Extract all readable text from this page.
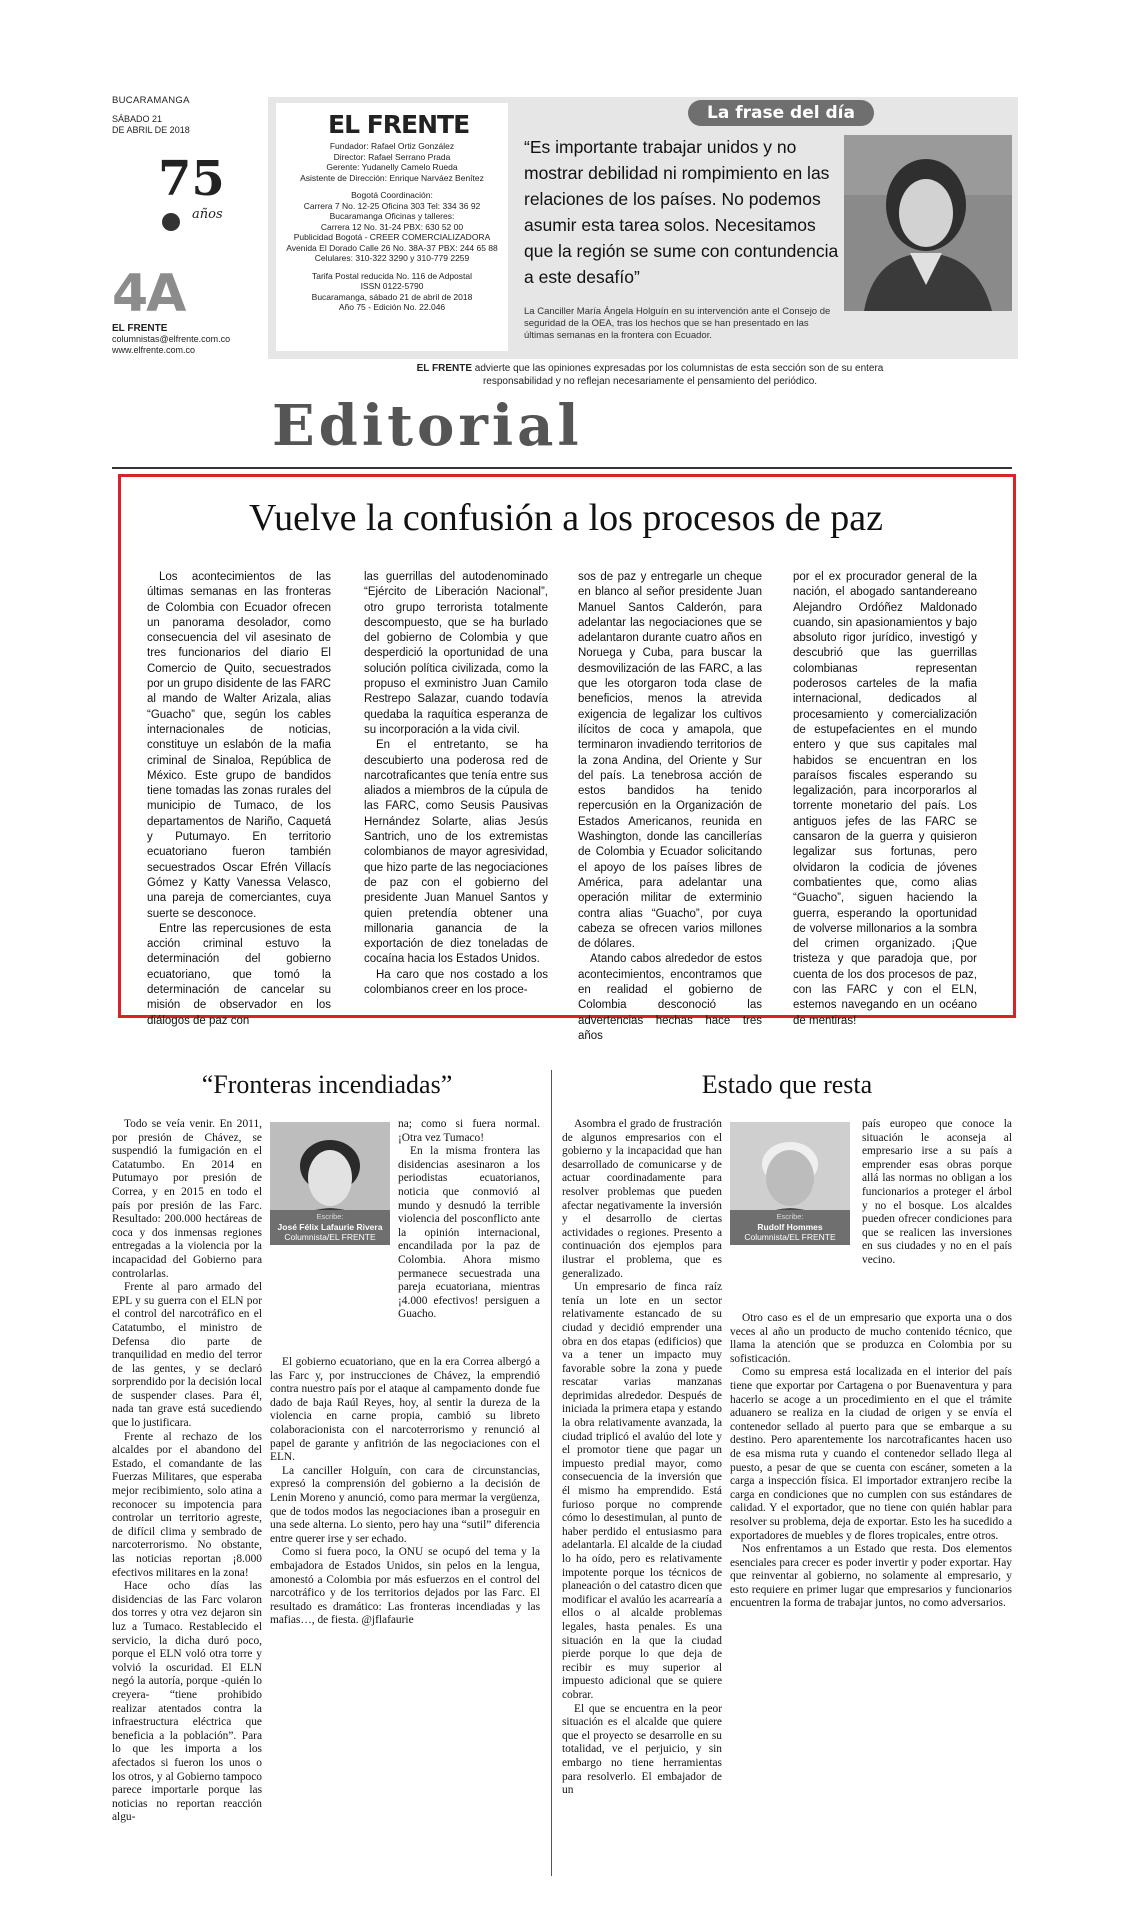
BUCARAMANGA
SÁBADO 21
DE ABRIL DE 2018
75
años
4A
EL FRENTE
columnistas@elfrente.com.co
www.elfrente.com.co
EL FRENTE
Fundador: Rafael Ortiz González
Director: Rafael Serrano Prada
Gerente: Yudanelly Camelo Rueda
Asistente de Dirección: Enrique Narváez Benítez
Bogotá Coordinación:
Carrera 7 No. 12-25 Oficina 303 Tel: 334 36 92
Bucaramanga Oficinas y talleres:
Carrera 12 No. 31-24 PBX: 630 52 00
Publicidad Bogotá - CREER COMERCIALIZADORA
Avenida El Dorado Calle 26 No. 38A-37 PBX: 244 65 88
Celulares: 310-322 3290 y 310-779 2259
Tarifa Postal reducida No. 116 de Adpostal
ISSN 0122-5790
Bucaramanga, sábado 21 de abril de 2018
Año 75 - Edición No. 22.046
La frase del día
“Es importante trabajar unidos y no mostrar debilidad ni rompimiento en las relaciones de los países. No podemos asumir esta tarea solos. Necesitamos que la región se sume con contundencia a este desafío”
La Canciller María Ángela Holguín en su intervención ante el Consejo de seguridad de la OEA, tras los hechos que se han presentado en las últimas semanas en la frontera con Ecuador.
EL FRENTE advierte que las opiniones expresadas por los columnistas de esta sección son de su entera responsabilidad y no reflejan necesariamente el pensamiento del periódico.
Editorial
Vuelve la confusión a los procesos de paz

Los acontecimientos de las últimas semanas en las fronteras de Colombia con Ecuador ofrecen un panorama desolador, como consecuencia del vil asesinato de tres funcionarios del diario El Comercio de Quito, secuestrados por un grupo disidente de las FARC al mando de Walter Arizala, alias “Guacho” que, según los cables internacionales de noticias, constituye un eslabón de la mafia criminal de Sinaloa, República de México. Este grupo de bandidos tiene tomadas las zonas rurales del municipio de Tumaco, de los departamentos de Nariño, Caquetá y Putumayo. En territorio ecuatoriano fueron también secuestrados Oscar Efrén Villacís Gómez y Katty Vanessa Velasco, una pareja de comerciantes, cuya suerte se desconoce.

Entre las repercusiones de esta acción criminal estuvo la determinación del gobierno ecuatoriano, que tomó la determinación de cancelar su misión de observador en los diálogos de paz con

las guerrillas del autodenominado “Ejército de Liberación Nacional”, otro grupo terrorista totalmente descompuesto, que se ha burlado del gobierno de Colombia y que desperdició la oportunidad de una solución política civilizada, como la propuso el exministro Juan Camilo Restrepo Salazar, cuando todavía quedaba la raquítica esperanza de su incorporación a la vida civil.

En el entretanto, se ha descubierto una poderosa red de narcotraficantes que tenía entre sus aliados a miembros de la cúpula de las FARC, como Seusis Pausivas Hernández Solarte, alias Jesús Santrich, uno de los extremistas colombianos de mayor agresividad, que hizo parte de las negociaciones de paz con el gobierno del presidente Juan Manuel Santos y quien pretendía obtener una millonaria ganancia de la exportación de diez toneladas de cocaína hacia los Estados Unidos.

Ha caro que nos costado a los colombianos creer en los proce-

sos de paz y entregarle un cheque en blanco al señor presidente Juan Manuel Santos Calderón, para adelantar las negociaciones que se adelantaron durante cuatro años en Noruega y Cuba, para buscar la desmovilización de las FARC, a las que les otorgaron toda clase de beneficios, menos la atrevida exigencia de legalizar los cultivos ilícitos de coca y amapola, que terminaron invadiendo territorios de la zona Andina, del Oriente y Sur del país. La tenebrosa acción de estos bandidos ha tenido repercusión en la Organización de Estados Americanos, reunida en Washington, donde las cancillerías de Colombia y Ecuador solicitando el apoyo de los países libres de América, para adelantar una operación militar de exterminio contra alias “Guacho”, por cuya cabeza se ofrecen varios millones de dólares.

Atando cabos alrededor de estos acontecimientos, encontramos que en realidad el gobierno de Colombia desconoció las advertencias hechas hace tres años

por el ex procurador general de la nación, el abogado santandereano Alejandro Ordóñez Maldonado cuando, sin apasionamientos y bajo absoluto rigor jurídico, investigó y descubrió que las guerrillas colombianas representan poderosos carteles de la mafia internacional, dedicados al procesamiento y comercialización de estupefacientes en el mundo entero y que sus capitales mal habidos se encuentran en los paraísos fiscales esperando su legalización, para incorporarlos al torrente monetario del país. Los antiguos jefes de las FARC se cansaron de la guerra y quisieron legalizar sus fortunas, pero olvidaron la codicia de jóvenes combatientes que, como alias “Guacho”, siguen haciendo la guerra, esperando la oportunidad de volverse millonarios a la sombra del crimen organizado. ¡Que tristeza y que paradoja que, por cuenta de los dos procesos de paz, con las FARC y con el ELN, estemos navegando en un océano de mentiras!

“Fronteras incendiadas”

Todo se veía venir. En 2011, por presión de Chávez, se suspendió la fumigación en el Catatumbo. En 2014 en Putumayo por presión de Correa, y en 2015 en todo el país por presión de las Farc. Resultado: 200.000 hectáreas de coca y dos inmensas regiones entregadas a la violencia por la incapacidad del Gobierno para controlarlas.

Frente al paro armado del EPL y su guerra con el ELN por el control del narcotráfico en el Catatumbo, el ministro de Defensa dio parte de tranquilidad en medio del terror de las gentes, y se declaró sorprendido por la decisión local de suspender clases. Para él, nada tan grave está sucediendo que lo justificara.

Frente al rechazo de los alcaldes por el abandono del Estado, el comandante de las Fuerzas Militares, que esperaba mejor recibimiento, solo atina a reconocer su impotencia para controlar un territorio agreste, de difícil clima y sembrado de narcoterrorismo. No obstante, las noticias reportan ¡8.000 efectivos militares en la zona!

Hace ocho días las disidencias de las Farc volaron dos torres y otra vez dejaron sin luz a Tumaco. Restablecido el servicio, la dicha duró poco, porque el ELN voló otra torre y volvió la oscuridad. El ELN negó la autoría, porque -quién lo creyera- “tiene prohibido realizar atentados contra la infraestructura eléctrica que beneficia a la población”. Para lo que les importa a los afectados si fueron los unos o los otros, y al Gobierno tampoco parece importarle porque las noticias no reportan reacción algu-

Escribe:
José Félix Lafaurie Rivera
Columnista/EL FRENTE

na; como si fuera normal. ¡Otra vez Tumaco!

En la misma frontera las disidencias asesinaron a los periodistas ecuatorianos, noticia que conmovió al mundo y desnudó la terrible violencia del posconflicto ante la opinión internacional, encandilada por la paz de Colombia. Ahora mismo permanece secuestrada una pareja ecuatoriana, mientras ¡4.000 efectivos! persiguen a Guacho.

El gobierno ecuatoriano, que en la era Correa albergó a las Farc y, por instrucciones de Chávez, la emprendió contra nuestro país por el ataque al campamento donde fue dado de baja Raúl Reyes, hoy, al sentir la dureza de la violencia en carne propia, cambió su libreto colaboracionista con el narcoterrorismo y renunció al papel de garante y anfitrión de las negociaciones con el ELN.

La canciller Holguín, con cara de circunstancias, expresó la comprensión del gobierno a la decisión de Lenin Moreno y anunció, como para mermar la vergüenza, que de todos modos las negociaciones iban a proseguir en una sede alterna. Lo siento, pero hay una “sutil” diferencia entre querer irse y ser echado.

Como si fuera poco, la ONU se ocupó del tema y la embajadora de Estados Unidos, sin pelos en la lengua, amonestó a Colombia por más esfuerzos en el control del narcotráfico y de los territorios dejados por las Farc. El resultado es dramático: Las fronteras incendiadas y las mafias…, de fiesta. @jflafaurie

Estado que resta

Asombra el grado de frustración de algunos empresarios con el gobierno y la incapacidad que han desarrollado de comunicarse y de actuar coordinadamente para resolver problemas que pueden afectar negativamente la inversión y el desarrollo de ciertas actividades o regiones. Presento a continuación dos ejemplos para ilustrar el problema, que es generalizado.

Un empresario de finca raíz tenía un lote en un sector relativamente estancado de su ciudad y decidió emprender una obra en dos etapas (edificios) que va a tener un impacto muy favorable sobre la zona y puede rescatar varias manzanas deprimidas alrededor. Después de iniciada la primera etapa y estando la obra relativamente avanzada, la ciudad triplicó el avalúo del lote y el promotor tiene que pagar un impuesto predial mayor, como consecuencia de la inversión que él mismo ha emprendido. Está furioso porque no comprende cómo lo desestimulan, al punto de haber perdido el entusiasmo para adelantarla. El alcalde de la ciudad lo ha oído, pero es relativamente impotente porque los técnicos de planeación o del catastro dicen que modificar el avalúo les acarrearía a ellos o al alcalde problemas legales, hasta penales. Es una situación en la que la ciudad pierde porque lo que deja de recibir es muy superior al impuesto adicional que se quiere cobrar.

El que se encuentra en la peor situación es el alcalde que quiere que el proyecto se desarrolle en su totalidad, ve el perjuicio, y sin embargo no tiene herramientas para resolverlo. El embajador de un

Escribe:
Rudolf Hommes
Columnista/EL FRENTE

país europeo que conoce la situación le aconseja al empresario irse a su país a emprender esas obras porque allá las normas no obligan a los funcionarios a proteger el árbol y no el bosque. Los alcaldes pueden ofrecer condiciones para que se realicen las inversiones en sus ciudades y no en el país vecino.

Otro caso es el de un empresario que exporta una o dos veces al año un producto de mucho contenido técnico, que llama la atención que se produzca en Colombia por su sofisticación.

Como su empresa está localizada en el interior del país tiene que exportar por Cartagena o por Buenaventura y para hacerlo se acoge a un procedimiento en el que el trámite aduanero se realiza en la ciudad de origen y se envía el contenedor sellado al puerto para que se embarque a su destino. Pero aparentemente los narcotraficantes hacen uso de esa misma ruta y cuando el contenedor sellado llega al puesto, a pesar de que se cuenta con escáner, someten a la carga a inspección física. El importador extranjero recibe la carga en condiciones que no cumplen con sus estándares de calidad. Y el exportador, que no tiene con quién hablar para resolver su problema, deja de exportar. Esto les ha sucedido a exportadores de muebles y de flores tropicales, entre otros.

Nos enfrentamos a un Estado que resta. Dos elementos esenciales para crecer es poder invertir y poder exportar. Hay que reinventar al gobierno, no solamente al empresario, y esto requiere en primer lugar que empresarios y funcionarios encuentren la forma de trabajar juntos, no como adversarios.
